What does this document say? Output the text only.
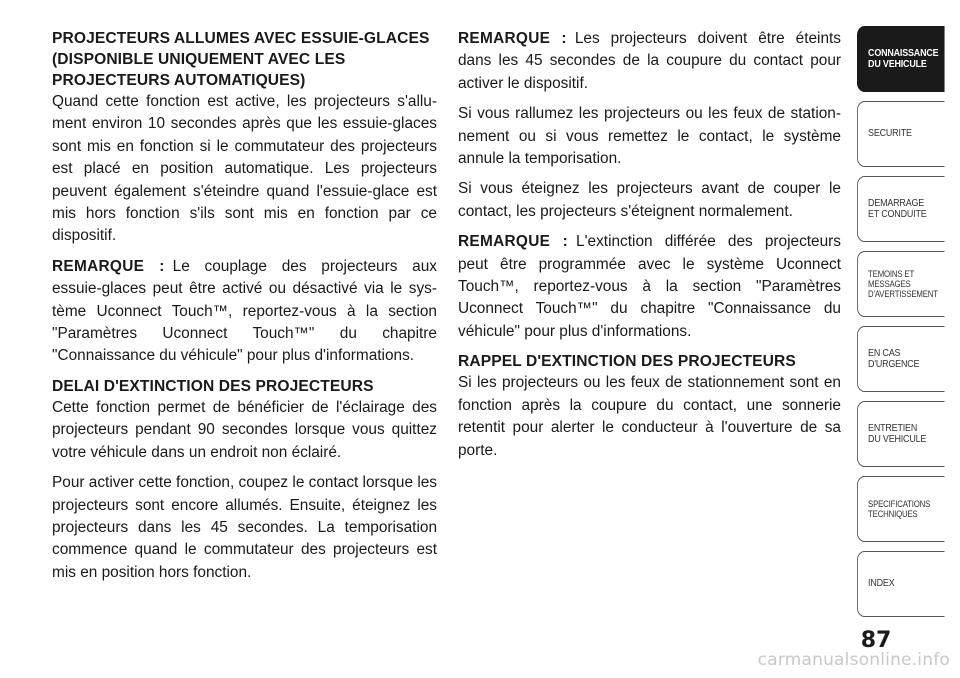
PROJECTEURS ALLUMES AVEC ESSUIE-GLACES (DISPONIBLE UNIQUEMENT AVEC LES PROJECTEURS AUTOMATIQUES)

Quand cette fonction est active, les projecteurs s'allument environ 10 secondes après que les essuie-glaces sont mis en fonction si le commutateur des projecteurs est placé en position automatique. Les projecteurs peuvent également s'éteindre quand l'essuie-glace est mis hors fonction s'ils sont mis en fonction par ce dispositif.

REMARQUE : Le couplage des projecteurs aux essuie-glaces peut être activé ou désactivé via le système Uconnect Touch™, reportez-vous à la section "Paramètres Uconnect Touch™" du chapitre "Connaissance du véhicule" pour plus d'informations.

DELAI D'EXTINCTION DES PROJECTEURS

Cette fonction permet de bénéficier de l'éclairage des projecteurs pendant 90 secondes lorsque vous quittez votre véhicule dans un endroit non éclairé.

Pour activer cette fonction, coupez le contact lorsque les projecteurs sont encore allumés. Ensuite, éteignez les projecteurs dans les 45 secondes. La temporisation commence quand le commutateur des projecteurs est mis en position hors fonction.

REMARQUE : Les projecteurs doivent être éteints dans les 45 secondes de la coupure du contact pour activer le dispositif.

Si vous rallumez les projecteurs ou les feux de stationnement ou si vous remettez le contact, le système annule la temporisation.

Si vous éteignez les projecteurs avant de couper le contact, les projecteurs s'éteignent normalement.

REMARQUE : L'extinction différée des projecteurs peut être programmée avec le système Uconnect Touch™, reportez-vous à la section "Paramètres Uconnect Touch™" du chapitre "Connaissance du véhicule" pour plus d'informations.

RAPPEL D'EXTINCTION DES PROJECTEURS

Si les projecteurs ou les feux de stationnement sont en fonction après la coupure du contact, une sonnerie retentit pour alerter le conducteur à l'ouverture de sa porte.

CONNAISSANCE
DU VEHICULE
SECURITE
DEMARRAGE
ET CONDUITE
TEMOINS ET
MESSAGES
D'AVERTISSEMENT
EN CAS
D'URGENCE
ENTRETIEN
DU VEHICULE
SPECIFICATIONS
TECHNIQUES
INDEX
87
carmanualsonline.info
